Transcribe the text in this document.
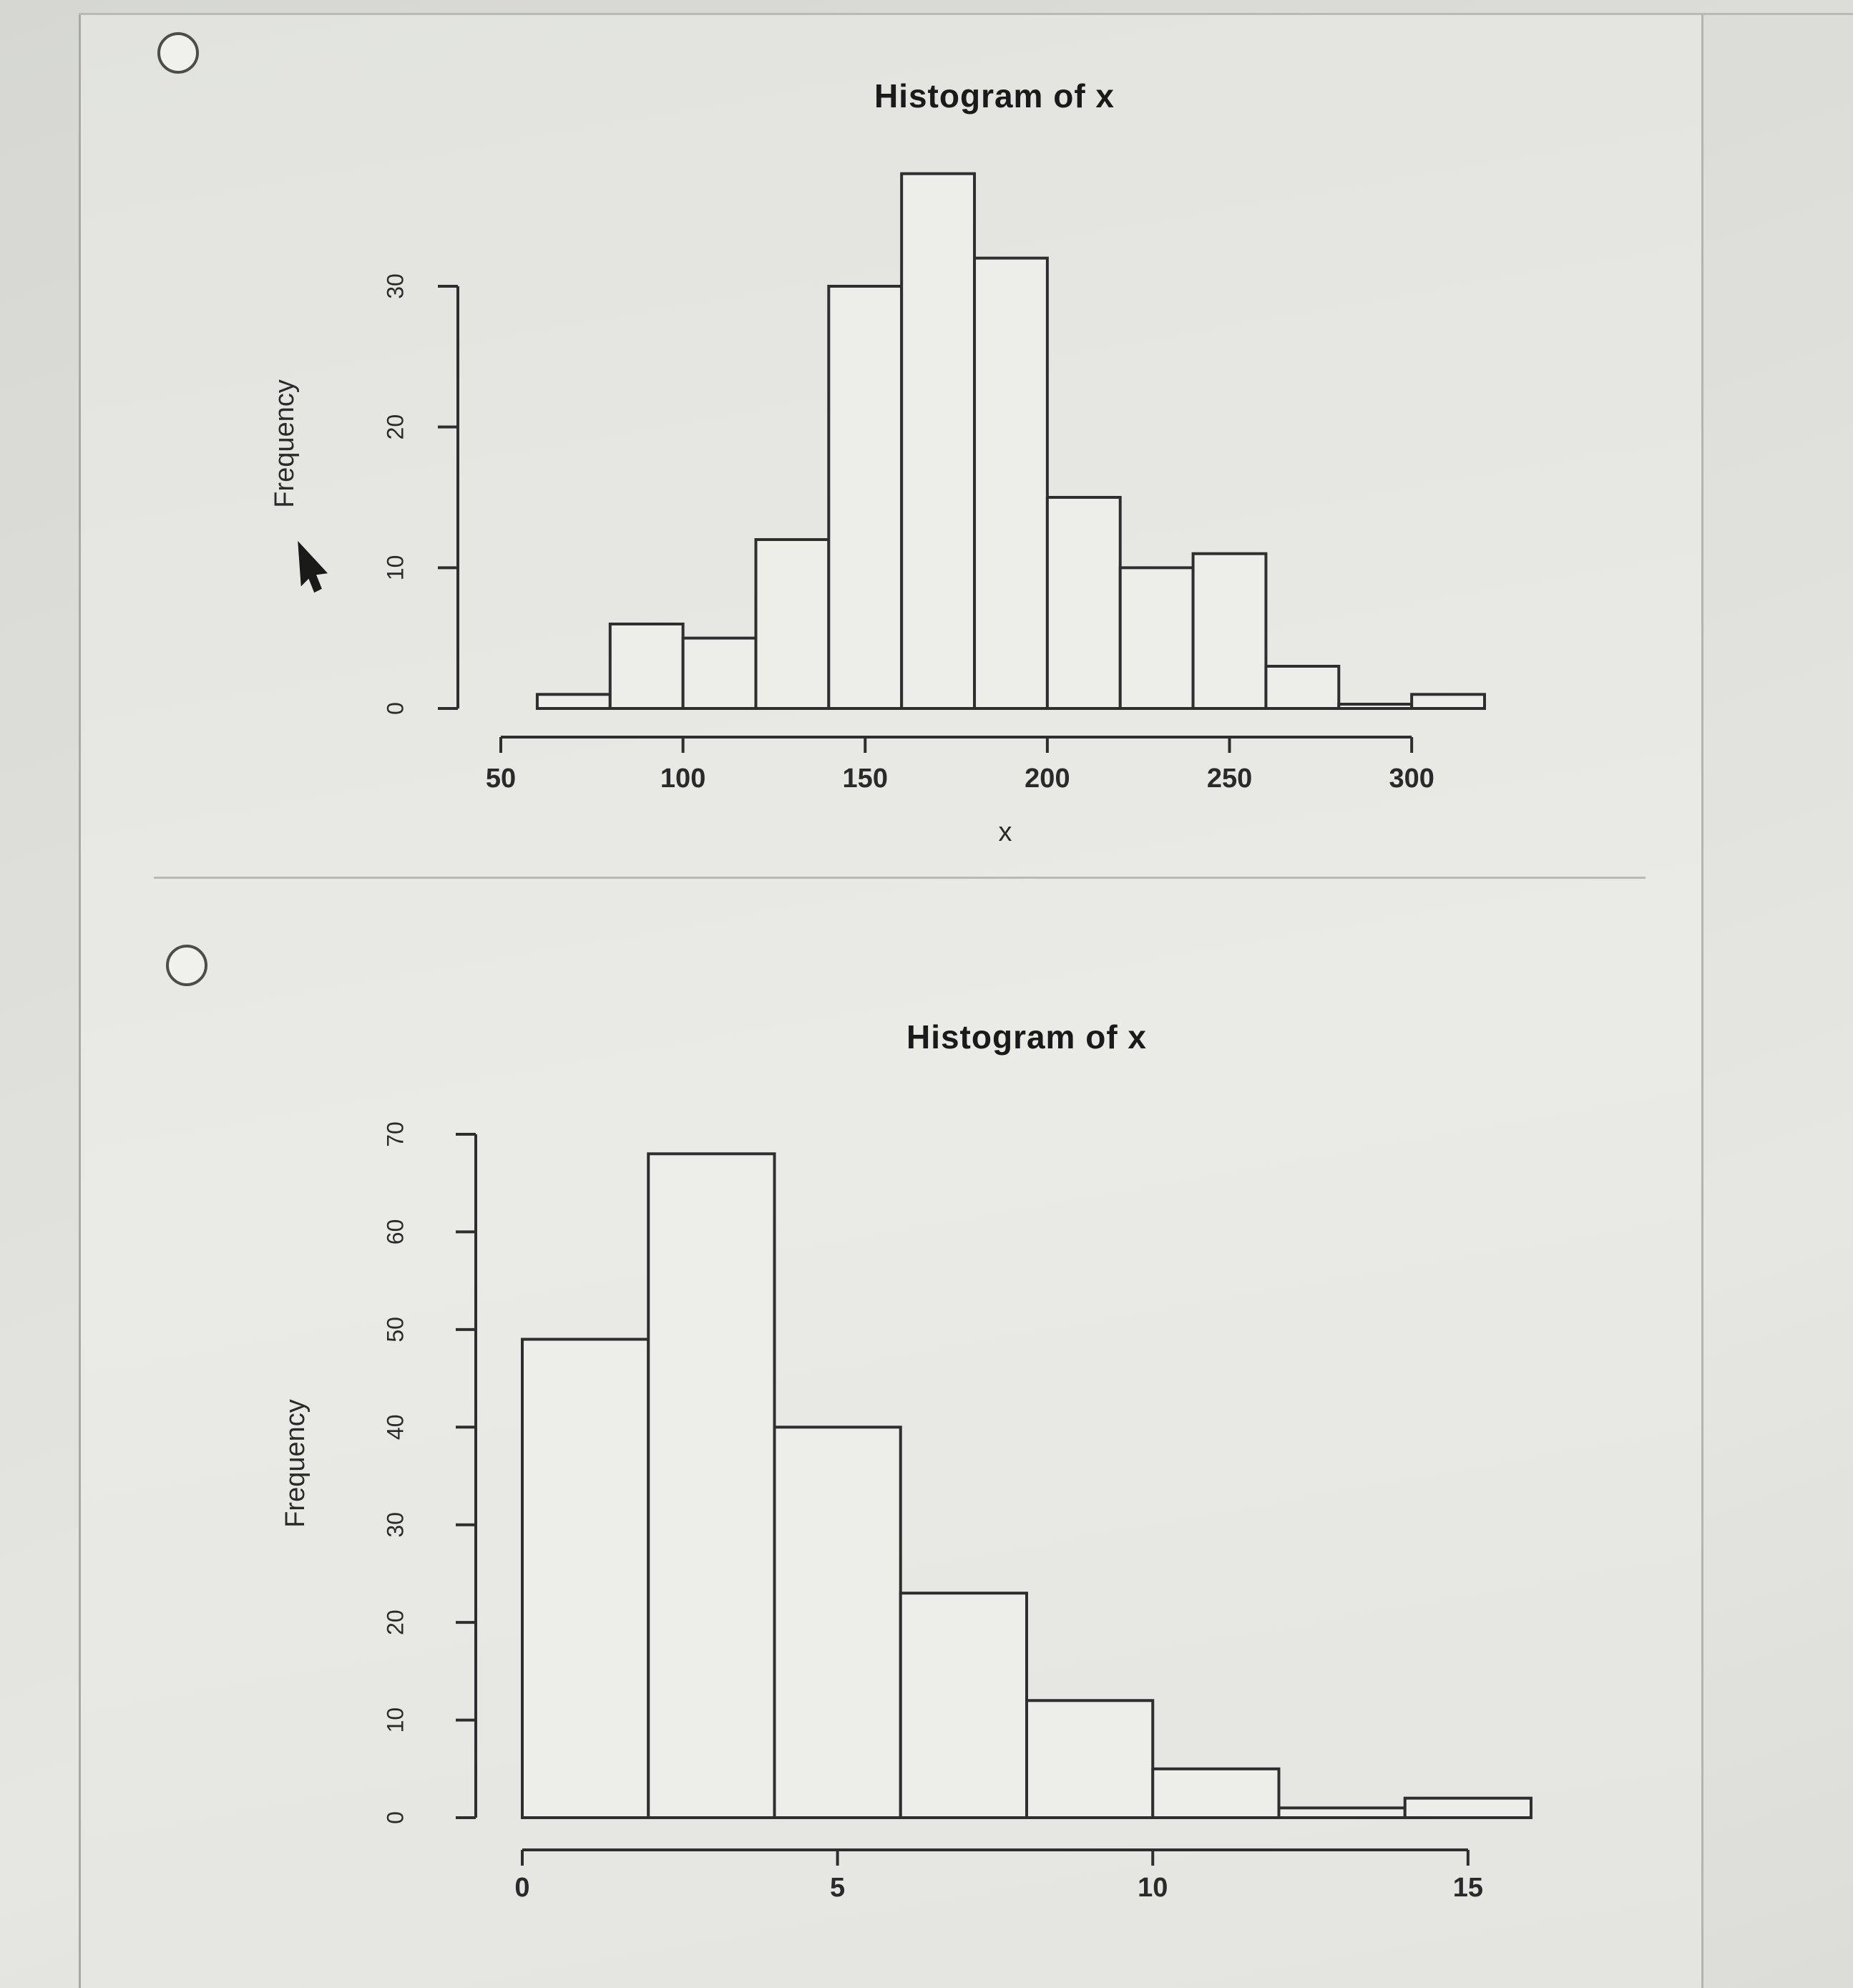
Histogram of x
0
10
20
30
Frequency
50	100	150	200	250	300
x
Histogram of x
0
10
20
30
40
50
60
70
Frequency
0	5	10	15
